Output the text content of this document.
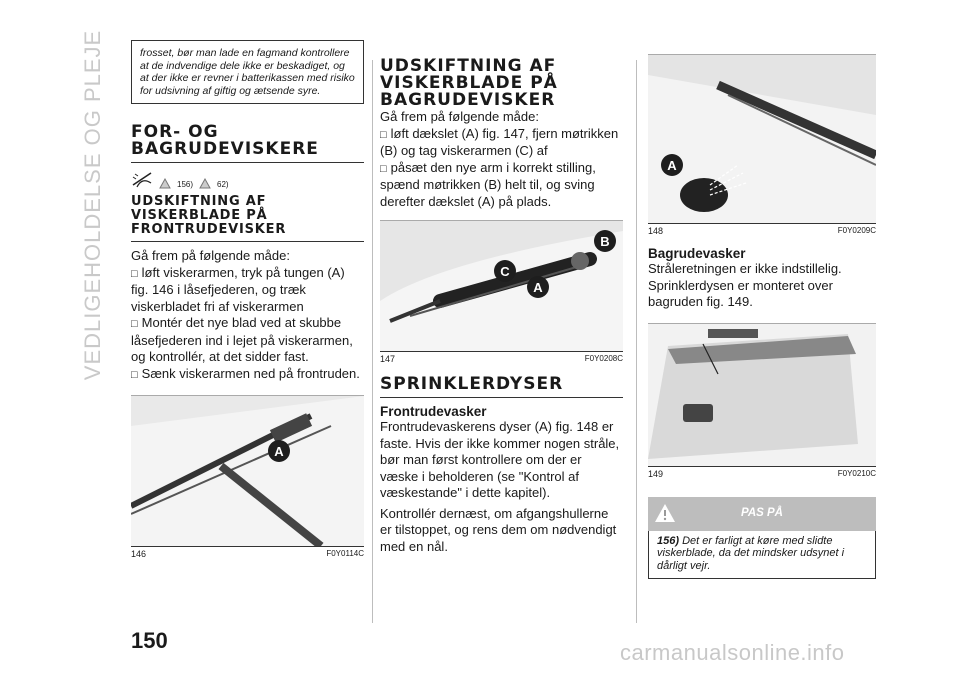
VEDLIGEHOLDELSE OG PLEJE	frosset, bør man lade en fagmand kontrollere at de indvendige dele ikke er beskadiget, og at der ikke er revner i batterikassen med risiko for udsivning af giftig og ætsende syre.
FOR- OG BAGRUDEVISKERE
156)	62)
UDSKIFTNING AF VISKERBLADE PÅ FRONTRUDEVISKER

Gå frem på følgende måde:

□ løft viskerarmen, tryk på tungen (A) fig. 146 i låsefjederen, og træk viskerbladet fri af viskerarmen

□ Montér det nye blad ved at skubbe låsefjederen ind i lejet på viskerarmen, og kontrollér, at det sidder fast.

□ Sænk viskerarmen ned på frontruden.

A
146	F0Y0114C
UDSKIFTNING AF VISKERBLADE PÅ BAGRUDEVISKER

Gå frem på følgende måde:

□ løft dækslet (A) fig. 147, fjern møtrikken (B) og tag viskerarmen (C) af

□ påsæt den nye arm i korrekt stilling, spænd møtrikken (B) helt til, og sving derefter dækslet (A) på plads.

B
C
A
147	F0Y0208C
SPRINKLERDYSER
Frontrudevasker

Frontrudevaskerens dyser (A) fig. 148 er faste. Hvis der ikke kommer nogen stråle, bør man først kontrollere om der er væske i beholderen (se "Kontrol af væskestande" i dette kapitel).

Kontrollér dernæst, om afgangshullerne er tilstoppet, og rens dem om nødvendigt med en nål.

A
148	F0Y0209C
Bagrudevasker

Stråleretningen er ikke indstillelig. Sprinklerdysen er monteret over bagruden fig. 149.

149	F0Y0210C
PAS PÅ
156) Det er farligt at køre med slidte viskerblade, da det mindsker udsynet i dårligt vejr.
150	carmanualsonline.info
